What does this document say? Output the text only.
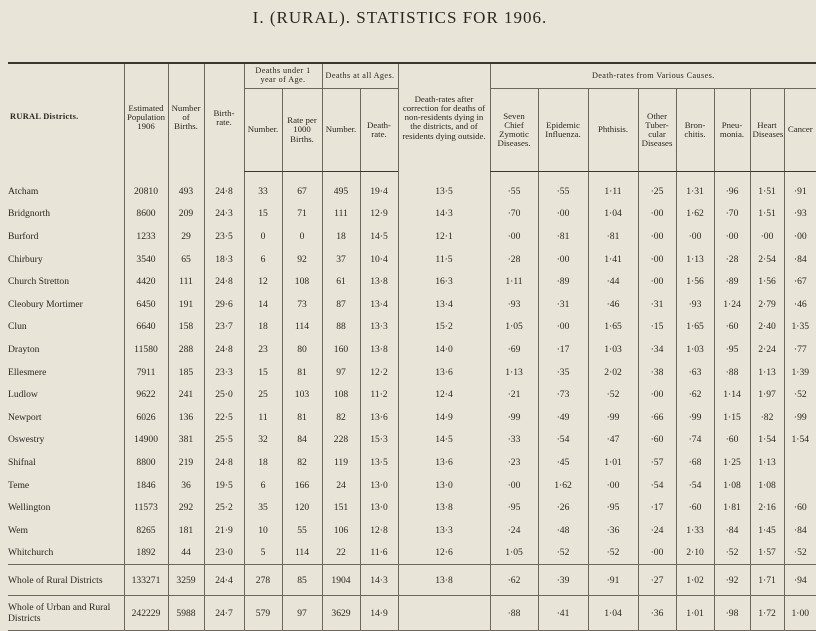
I. (RURAL). STATISTICS FOR 1906.
RURAL Districts.	Estimated Population 1906	Number of Births.	Birth-rate.	Deaths under 1 year of Age.		Deaths at all Ages.		Death-rates after correction for deaths of non-residents dying in the districts, and of residents dying outside.	Death-rates from Various Causes.							
				Number.	Rate per 1000 Births.	Number.	Death-rate.		Seven Chief Zymotic Diseases.	Epidemic Influenza.	Phthisis.	Other Tuber-cular Diseases	Bron-chitis.	Pneu-monia.	Heart Diseases	Cancer
Atcham	20810	493	24·8	33	67	495	19·4	13·5	·55	·55	1·11	·25	1·31	·96	1·51	·91
Bridgnorth	8600	209	24·3	15	71	111	12·9	14·3	·70	·00	1·04	·00	1·62	·70	1·51	·93
Burford	1233	29	23·5	0	0	18	14·5	12·1	·00	·81	·81	·00	·00	·00	·00	·00
Chirbury	3540	65	18·3	6	92	37	10·4	11·5	·28	·00	1·41	·00	1·13	·28	2·54	·84
Church Stretton	4420	111	24·8	12	108	61	13·8	16·3	1·11	·89	·44	·00	1·56	·89	1·56	·67
Cleobury Mortimer	6450	191	29·6	14	73	87	13·4	13·4	·93	·31	·46	·31	·93	1·24	2·79	·46
Clun	6640	158	23·7	18	114	88	13·3	15·2	1·05	·00	1·65	·15	1·65	·60	2·40	1·35
Drayton	11580	288	24·8	23	80	160	13·8	14·0	·69	·17	1·03	·34	1·03	·95	2·24	·77
Ellesmere	7911	185	23·3	15	81	97	12·2	13·6	1·13	·35	2·02	·38	·63	·88	1·13	1·39
Ludlow	9622	241	25·0	25	103	108	11·2	12·4	·21	·73	·52	·00	·62	1·14	1·97	·52
Newport	6026	136	22·5	11	81	82	13·6	14·9	·99	·49	·99	·66	·99	1·15	·82	·99
Oswestry	14900	381	25·5	32	84	228	15·3	14·5	·33	·54	·47	·60	·74	·60	1·54	1·54
Shifnal	8800	219	24·8	18	82	119	13·5	13·6	·23	·45	1·01	·57	·68	1·25	1·13	
Teme	1846	36	19·5	6	166	24	13·0	13·0	·00	1·62	·00	·54	·54	1·08	1·08	
Wellington	11573	292	25·2	35	120	151	13·0	13·8	·95	·26	·95	·17	·60	1·81	2·16	·60
Wem	8265	181	21·9	10	55	106	12·8	13·3	·24	·48	·36	·24	1·33	·84	1·45	·84
Whitchurch	1892	44	23·0	5	114	22	11·6	12·6	1·05	·52	·52	·00	2·10	·52	1·57	·52
Whole of Rural Districts	133271	3259	24·4	278	85	1904	14·3	13·8	·62	·39	·91	·27	1·02	·92	1·71	·94
Whole of Urban and Rural Districts	242229	5988	24·7	579	97	3629	14·9		·88	·41	1·04	·36	1·01	·98	1·72	1·00
